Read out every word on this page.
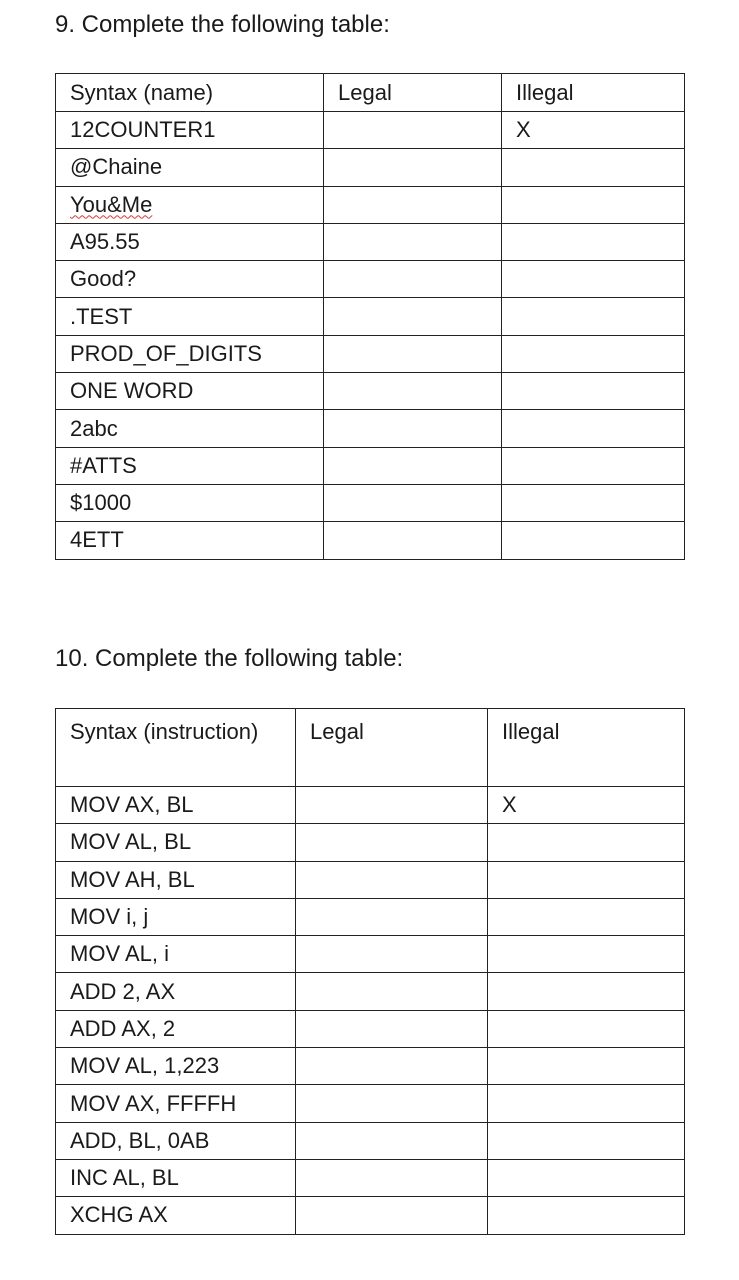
9. Complete the following table:
Syntax (name)	Legal	Illegal
12COUNTER1		X
@Chaine		
You&Me		
A95.55		
Good?		
.TEST		
PROD_OF_DIGITS		
ONE WORD		
2abc		
#ATTS		
$1000		
4ETT		
10. Complete the following table:
Syntax (instruction)	Legal	Illegal
MOV AX, BL		X
MOV AL, BL		
MOV AH, BL		
MOV i, j		
MOV AL, i		
ADD 2, AX		
ADD AX, 2		
MOV AL, 1,223		
MOV AX, FFFFH		
ADD, BL, 0AB		
INC AL, BL		
XCHG AX		
